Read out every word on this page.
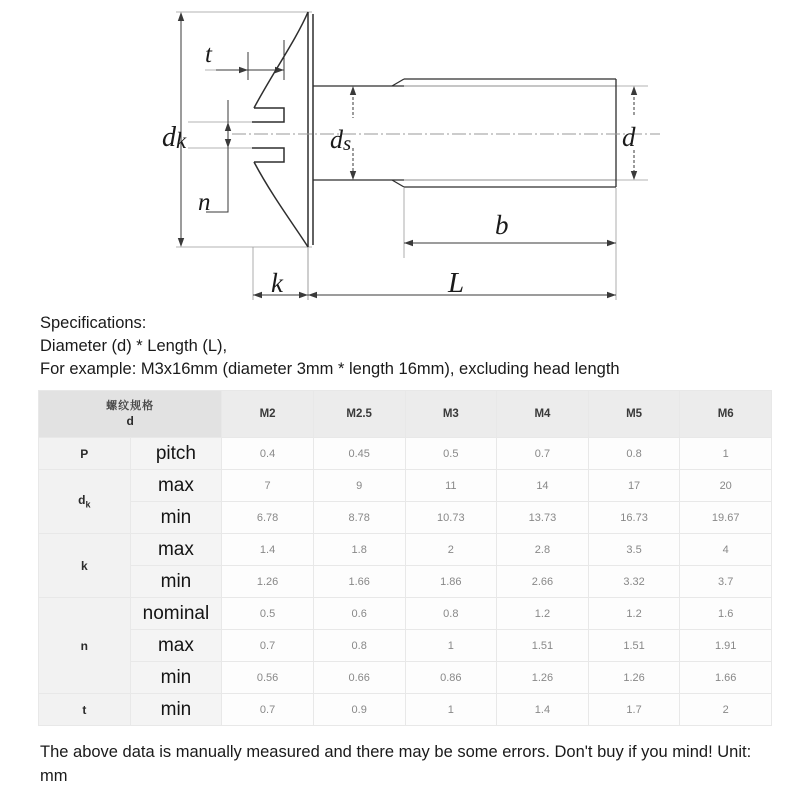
dk
t
n
ds	d
k
b
L
Specifications:
Diameter (d) * Length (L),
For example: M3x16mm (diameter 3mm * length 16mm), excluding head length
螺纹规格
d		M2	M2.5	M3	M4	M5	M6
P	pitch	0.4	0.45	0.5	0.7	0.8	1
$d_k$	max	7	9	11	14	17	20
	min	6.78	8.78	10.73	13.73	16.73	19.67
k	max	1.4	1.8	2	2.8	3.5	4
	min	1.26	1.66	1.86	2.66	3.32	3.7
n	nominal	0.5	0.6	0.8	1.2	1.2	1.6
	max	0.7	0.8	1	1.51	1.51	1.91
	min	0.56	0.66	0.86	1.26	1.26	1.66
t	min	0.7	0.9	1	1.4	1.7	2
The above data is manually measured and there may be some errors. Don't buy if you mind! Unit: mm
